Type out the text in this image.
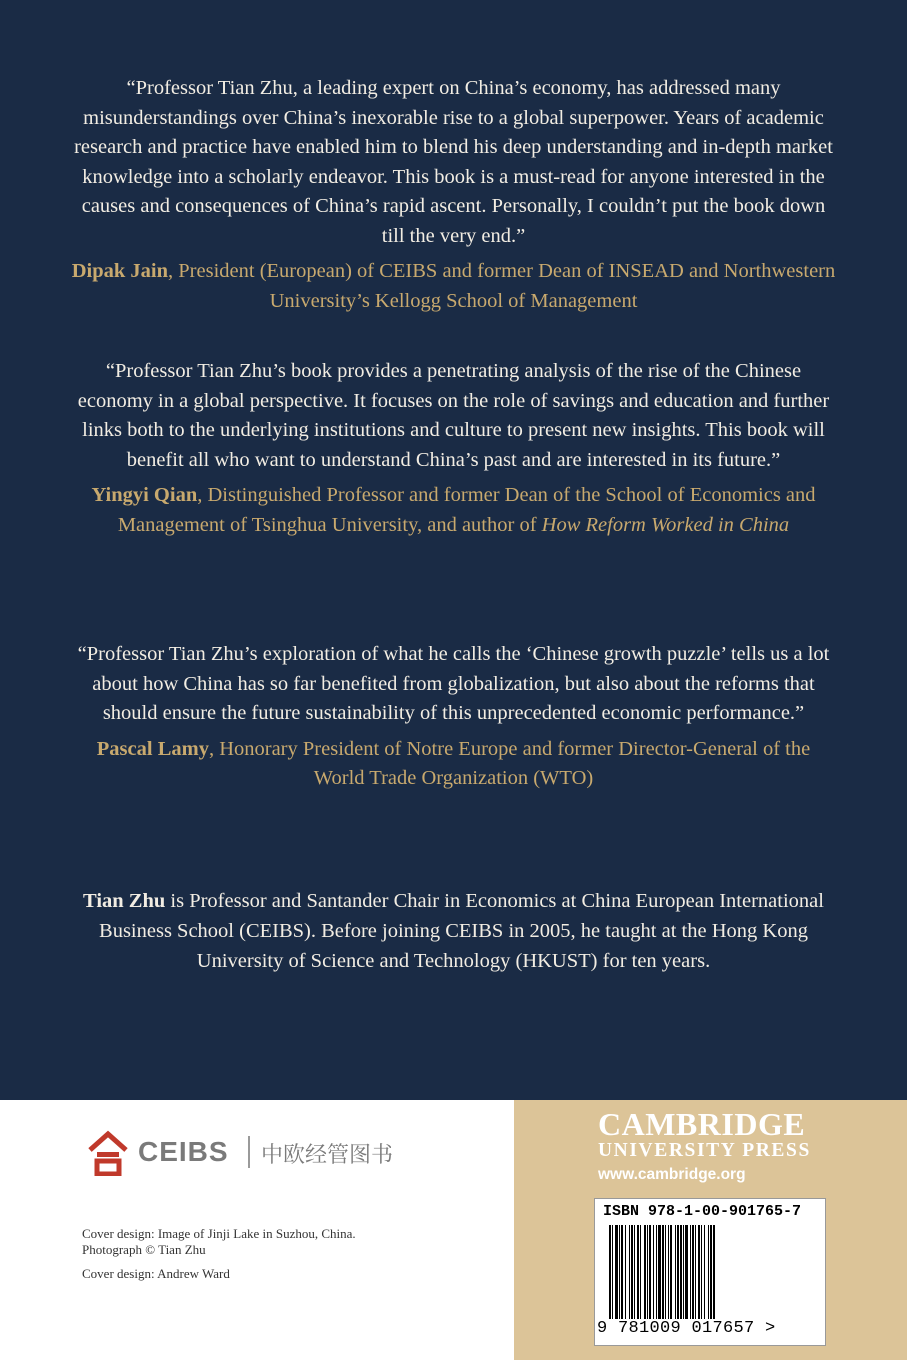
“Professor Tian Zhu, a leading expert on China’s economy, has addressed many misunderstandings over China’s inexorable rise to a global superpower. Years of academic research and practice have enabled him to blend his deep understanding and in-depth market knowledge into a scholarly endeavor. This book is a must-read for anyone interested in the causes and consequences of China’s rapid ascent. Personally, I couldn’t put the book down till the very end.”

Dipak Jain, President (European) of CEIBS and former Dean of INSEAD and Northwestern University’s Kellogg School of Management

“Professor Tian Zhu’s book provides a penetrating analysis of the rise of the Chinese economy in a global perspective. It focuses on the role of savings and education and further links both to the underlying institutions and culture to present new insights. This book will benefit all who want to understand China’s past and are interested in its future.”

Yingyi Qian, Distinguished Professor and former Dean of the School of Economics and Management of Tsinghua University, and author of How Reform Worked in China

“Professor Tian Zhu’s exploration of what he calls the ‘Chinese growth puzzle’ tells us a lot about how China has so far benefited from globalization, but also about the reforms that should ensure the future sustainability of this unprecedented economic performance.”

Pascal Lamy, Honorary President of Notre Europe and former Director-General of the World Trade Organization (WTO)

Tian Zhu is Professor and Santander Chair in Economics at China European International Business School (CEIBS). Before joining CEIBS in 2005, he taught at the Hong Kong University of Science and Technology (HKUST) for ten years.

CEIBS 中欧经管图书

Cover design: Image of Jinji Lake in Suzhou, China.

Photograph © Tian Zhu

Cover design: Andrew Ward

CAMBRIDGE
UNIVERSITY PRESS
www.cambridge.org
ISBN 978-1-00-901765-7
9 781009 017657 >
